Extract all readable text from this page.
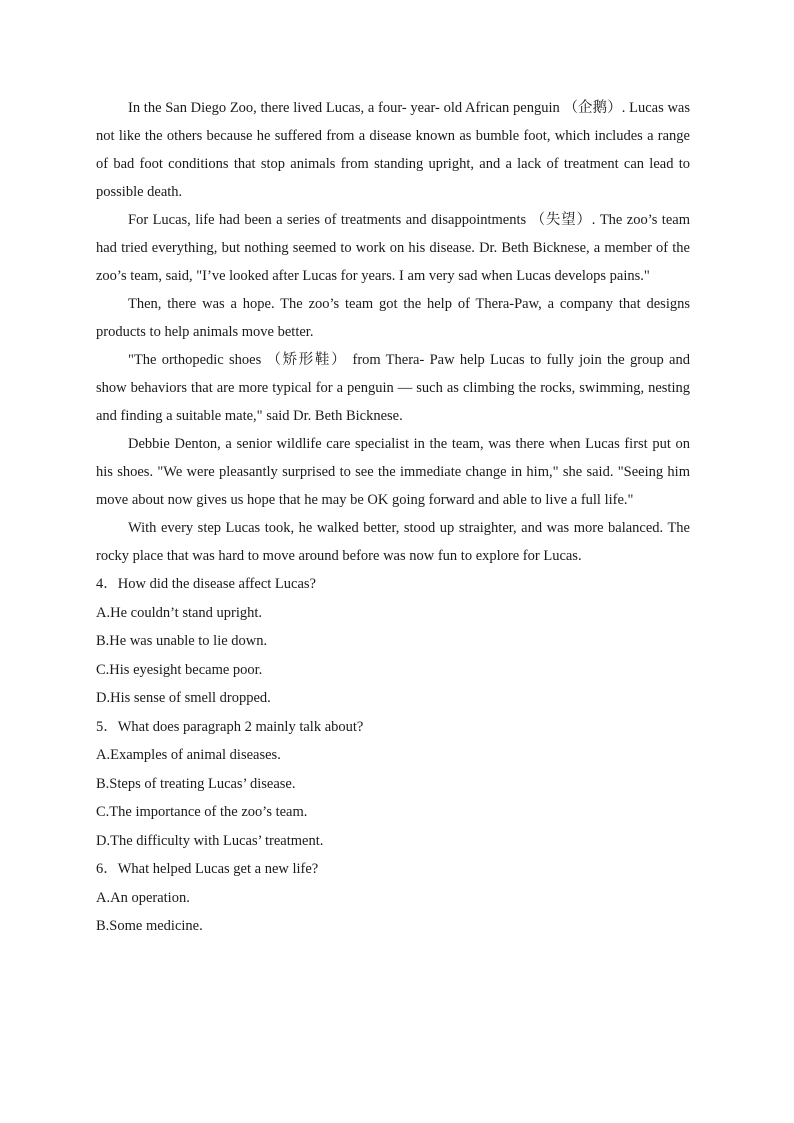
In the San Diego Zoo, there lived Lucas, a four- year- old African penguin （企鹅）. Lucas was not like the others because he suffered from a disease known as bumble foot, which includes a range of bad foot conditions that stop animals from standing upright, and a lack of treatment can lead to possible death.

For Lucas, life had been a series of treatments and disappointments （失望）. The zoo’s team had tried everything, but nothing seemed to work on his disease. Dr. Beth Bicknese, a member of the zoo’s team, said, "I’ve looked after Lucas for years. I am very sad when Lucas develops pains."

Then, there was a hope. The zoo’s team got the help of Thera-Paw, a company that designs products to help animals move better.

"The orthopedic shoes （矫形鞋） from Thera- Paw help Lucas to fully join the group and show behaviors that are more typical for a penguin — such as climbing the rocks, swimming, nesting and finding a suitable mate," said Dr. Beth Bicknese.

Debbie Denton, a senior wildlife care specialist in the team, was there when Lucas first put on his shoes. "We were pleasantly surprised to see the immediate change in him," she said. "Seeing him move about now gives us hope that he may be OK going forward and able to live a full life."

With every step Lucas took, he walked better, stood up straighter, and was more balanced. The rocky place that was hard to move around before was now fun to explore for Lucas.

4．How did the disease affect Lucas?

A.He couldn’t stand upright.

B.He was unable to lie down.

C.His eyesight became poor.

D.His sense of smell dropped.

5．What does paragraph 2 mainly talk about?

A.Examples of animal diseases.

B.Steps of treating Lucas’ disease.

C.The importance of the zoo’s team.

D.The difficulty with Lucas’ treatment.

6．What helped Lucas get a new life?

A.An operation.

B.Some medicine.
